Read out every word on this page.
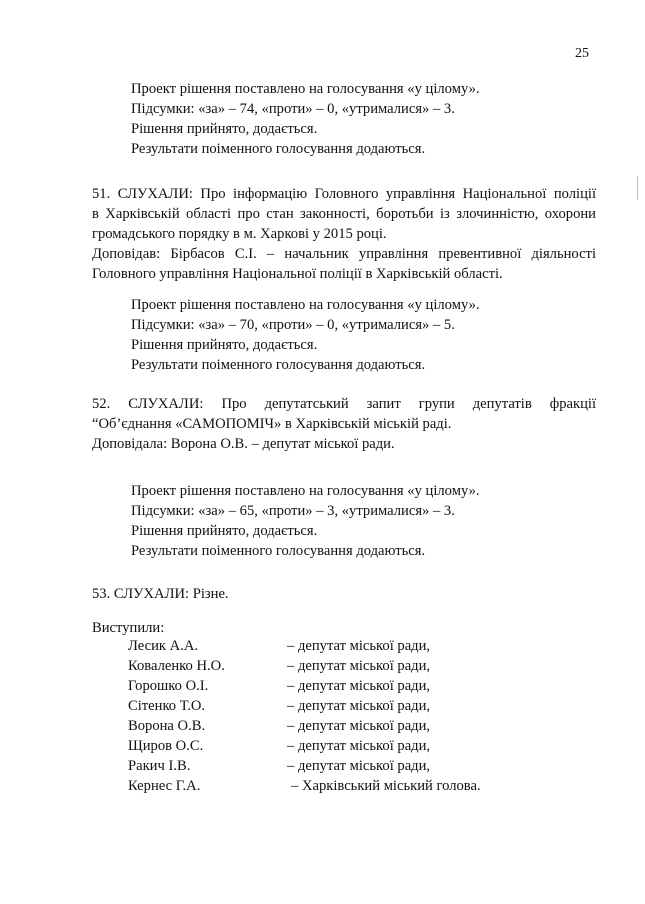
25
Проект рішення поставлено на голосування «у цілому».
Підсумки: «за» – 74, «проти» – 0, «утрималися» – 3.
Рішення прийнято, додається.
Результати поіменного голосування додаються.
51. СЛУХАЛИ: Про інформацію Головного управління Національної поліції
в Харківській області про стан законності, боротьби із злочинністю, охорони
громадського порядку в м. Харкові у 2015 році.
Доповідав: Бірбасов С.І. – начальник управління превентивної діяльності
Головного управління Національної поліції в Харківській області.
Проект рішення поставлено на голосування «у цілому».
Підсумки: «за» – 70, «проти» – 0, «утрималися» – 5.
Рішення прийнято, додається.
Результати поіменного голосування додаються.
52. СЛУХАЛИ: Про депутатський запит групи депутатів фракції
“Об’єднання «САМОПОМІЧ» в Харківській міській раді.
Доповідала: Ворона О.В. – депутат міської ради.
Проект рішення поставлено на голосування «у цілому».
Підсумки: «за» – 65, «проти» – 3, «утрималися» – 3.
Рішення прийнято, додається.
Результати поіменного голосування додаються.
53. СЛУХАЛИ: Різне.
Виступили:
Лесик А.А.	– депутат міської ради,
Коваленко Н.О.	– депутат міської ради,
Горошко О.І.	– депутат міської ради,
Сітенко Т.О.	– депутат міської ради,
Ворона О.В.	– депутат міської ради,
Щиров О.С.	– депутат міської ради,
Ракич І.В.	– депутат міської ради,
Кернес Г.А.	– Харківський міський голова.
